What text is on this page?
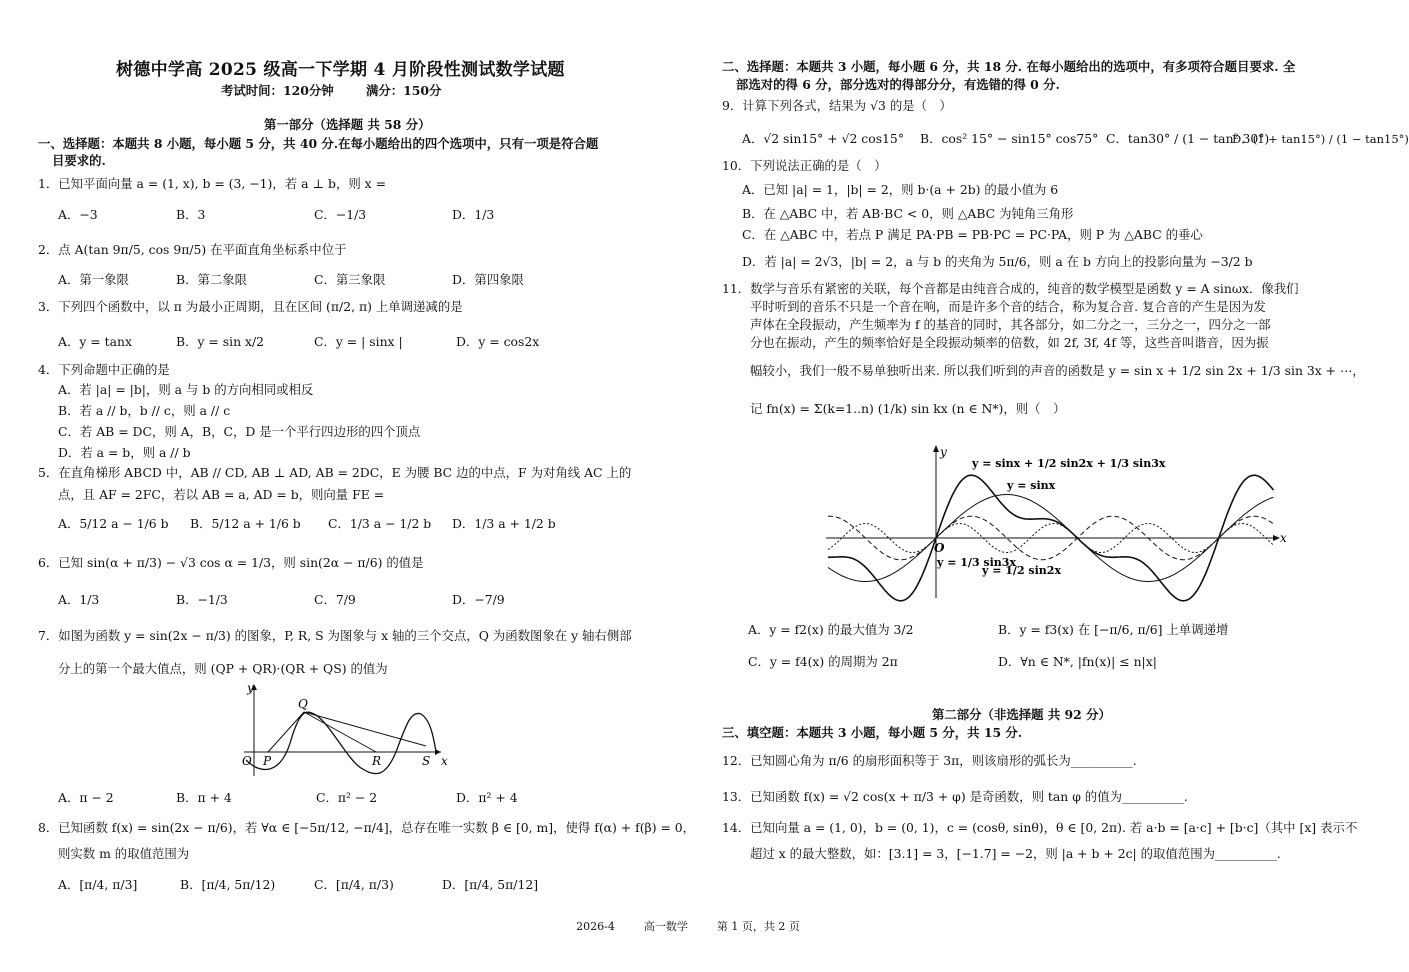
树德中学高 2025 级高一下学期 4 月阶段性测试数学试题
考试时间：120分钟	满分：150分
第一部分（选择题 共 58 分）
一、选择题：本题共 8 小题，每小题 5 分，共 40 分.在每小题给出的四个选项中，只有一项是符合题
目要求的.
1．已知平面向量 a = (1, x), b = (3, −1)，若 a ⊥ b，则 x =
A．−3	B．3	C．−1/3	D．1/3
2．点 A(tan 9π/5, cos 9π/5) 在平面直角坐标系中位于
A．第一象限	B．第二象限	C．第三象限	D．第四象限
3．下列四个函数中，以 π 为最小正周期，且在区间 (π/2, π) 上单调递减的是
A．y = tanx	B．y = sin x/2	C．y = | sinx |	D．y = cos2x
4．下列命题中正确的是
A．若 |a| = |b|，则 a 与 b 的方向相同或相反
B．若 a // b，b // c，则 a // c
C．若 AB = DC，则 A，B，C，D 是一个平行四边形的四个顶点
D．若 a = b，则 a // b
5．在直角梯形 ABCD 中，AB // CD, AB ⊥ AD, AB = 2DC，E 为腰 BC 边的中点，F 为对角线 AC 上的
点，且 AF = 2FC，若以 AB = a, AD = b，则向量 FE =
A．5/12 a − 1/6 b B．5/12 a + 1/6 b C．1/3 a − 1/2 b D．1/3 a + 1/2 b
6．已知 sin(α + π/3) − √3 cos α = 1/3，则 sin(2α − π/6) 的值是
A．1/3	B．−1/3	C．7/9	D．−7/9
7．如图为函数 y = sin(2x − π/3) 的图象，P, R, S 为图象与 x 轴的三个交点，Q 为函数图象在 y 轴右侧部
分上的第一个最大值点，则 (QP + QR)·(QR + QS) 的值为
y
Q
O P	R	S x
A．π − 2	B．π + 4	C．π² − 2	D．π² + 4
8．已知函数 f(x) = sin(2x − π/6)，若 ∀α ∈ [−5π/12, −π/4]，总存在唯一实数 β ∈ [0, m]，使得 f(α) + f(β) = 0，
则实数 m 的取值范围为
A．[π/4, π/3]	B．[π/4, 5π/12)	C．[π/4, π/3)	D．[π/4, 5π/12]
二、选择题：本题共 3 小题，每小题 6 分，共 18 分. 在每小题给出的选项中，有多项符合题目要求. 全
部选对的得 6 分，部分选对的得部分分，有选错的得 0 分.
9．计算下列各式，结果为 √3 的是（　）
A．√2 sin15° + √2 cos15° B．cos² 15° − sin15° cos75° C．tan30° / (1 − tan² 30°)
D．(1 + tan15°) / (1 − tan15°)
10．下列说法正确的是（　）
A．已知 |a| = 1，|b| = 2，则 b·(a + 2b) 的最小值为 6
B．在 △ABC 中，若 AB·BC < 0，则 △ABC 为钝角三角形
C．在 △ABC 中，若点 P 满足 PA·PB = PB·PC = PC·PA，则 P 为 △ABC 的垂心
D．若 |a| = 2√3，|b| = 2，a 与 b 的夹角为 5π/6，则 a 在 b 方向上的投影向量为 −3/2 b
11．数学与音乐有紧密的关联，每个音都是由纯音合成的，纯音的数学模型是函数 y = A sinωx．像我们
平时听到的音乐不只是一个音在响，而是许多个音的结合，称为复合音. 复合音的产生是因为发
声体在全段振动，产生频率为 f 的基音的同时，其各部分，如二分之一，三分之一，四分之一部
分也在振动，产生的频率恰好是全段振动频率的倍数，如 2f, 3f, 4f 等，这些音叫谐音，因为振
幅较小，我们一般不易单独听出来. 所以我们听到的声音的函数是 y = sin x + 1/2 sin 2x + 1/3 sin 3x + ⋯，
记 fn(x) = Σ(k=1..n) (1/k) sin kx (n ∈ N*)，则（　）
y
x
O
y = sinx + 1/2 sin2x + 1/3 sin3x
y = sinx
y = 1/3 sin3x
y = 1/2 sin2x
A．y = f2(x) 的最大值为 3/2	B．y = f3(x) 在 [−π/6, π/6] 上单调递增
C．y = f4(x) 的周期为 2π	D．∀n ∈ N*, |fn(x)| ≤ n|x|
第二部分（非选择题 共 92 分）
三、填空题：本题共 3 小题，每小题 5 分，共 15 分.
12．已知圆心角为 π/6 的扇形面积等于 3π，则该扇形的弧长为__________.
13．已知函数 f(x) = √2 cos(x + π/3 + φ) 是奇函数，则 tan φ 的值为__________.
14．已知向量 a = (1, 0)，b = (0, 1)，c = (cosθ, sinθ)，θ ∈ [0, 2π). 若 a·b = [a·c] + [b·c]（其中 [x] 表示不
超过 x 的最大整数，如：[3.1] = 3，[−1.7] = −2，则 |a + b + 2c| 的取值范围为__________.
2026-4	高一数学	第 1 页，共 2 页
